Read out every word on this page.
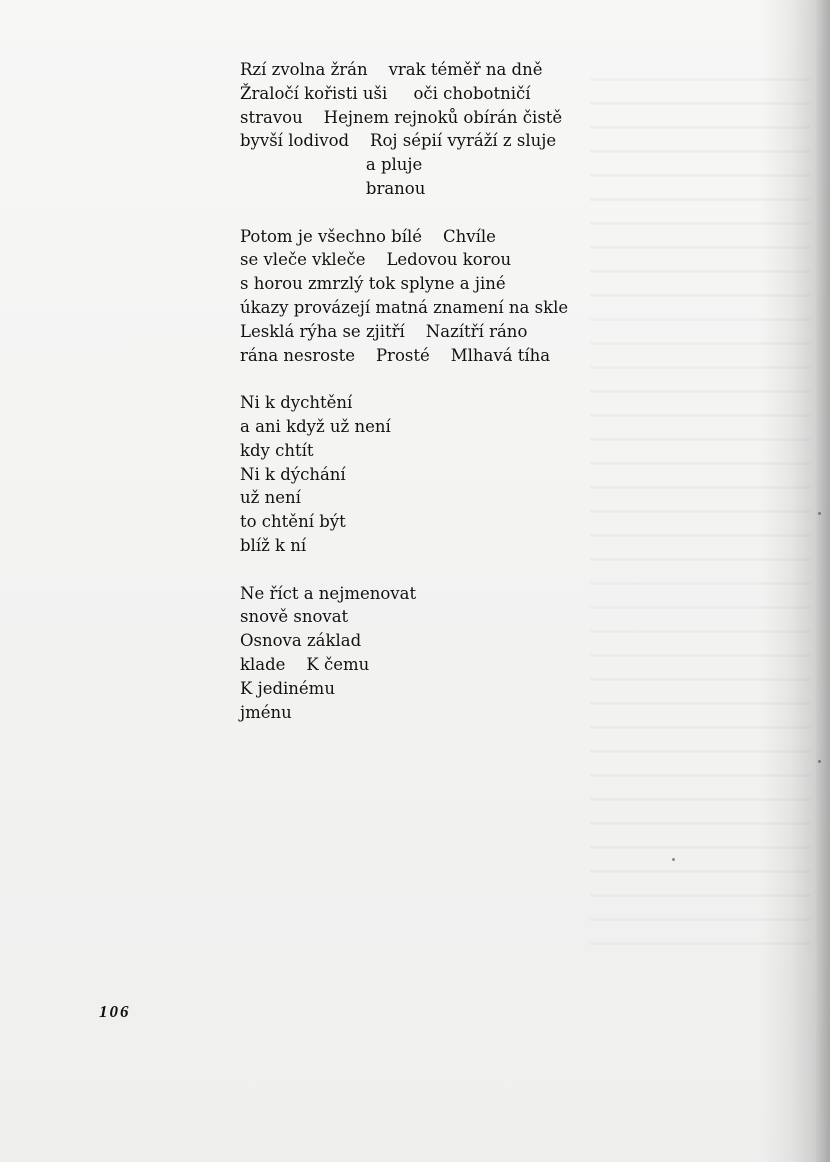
Rzí zvolna žrán    vrak téměř na dně
Žraločí kořisti uši     oči chobotničí
stravou    Hejnem rejnoků obírán čistě
byvší lodivod    Roj sépií vyráží z sluje
a pluje
branou
Potom je všechno bílé    Chvíle
se vleče vkleče    Ledovou korou
s horou zmrzlý tok splyne a jiné
úkazy provázejí matná znamení na skle
Lesklá rýha se zjitří    Nazítří ráno
rána nesroste    Prosté    Mlhavá tíha
Ni k dychtění
a ani když už není
kdy chtít
Ni k dýchání
už není
to chtění být
blíž k ní
Ne říct a nejmenovat
snově snovat
Osnova základ
klade    K čemu
K jedinému
jménu
106
